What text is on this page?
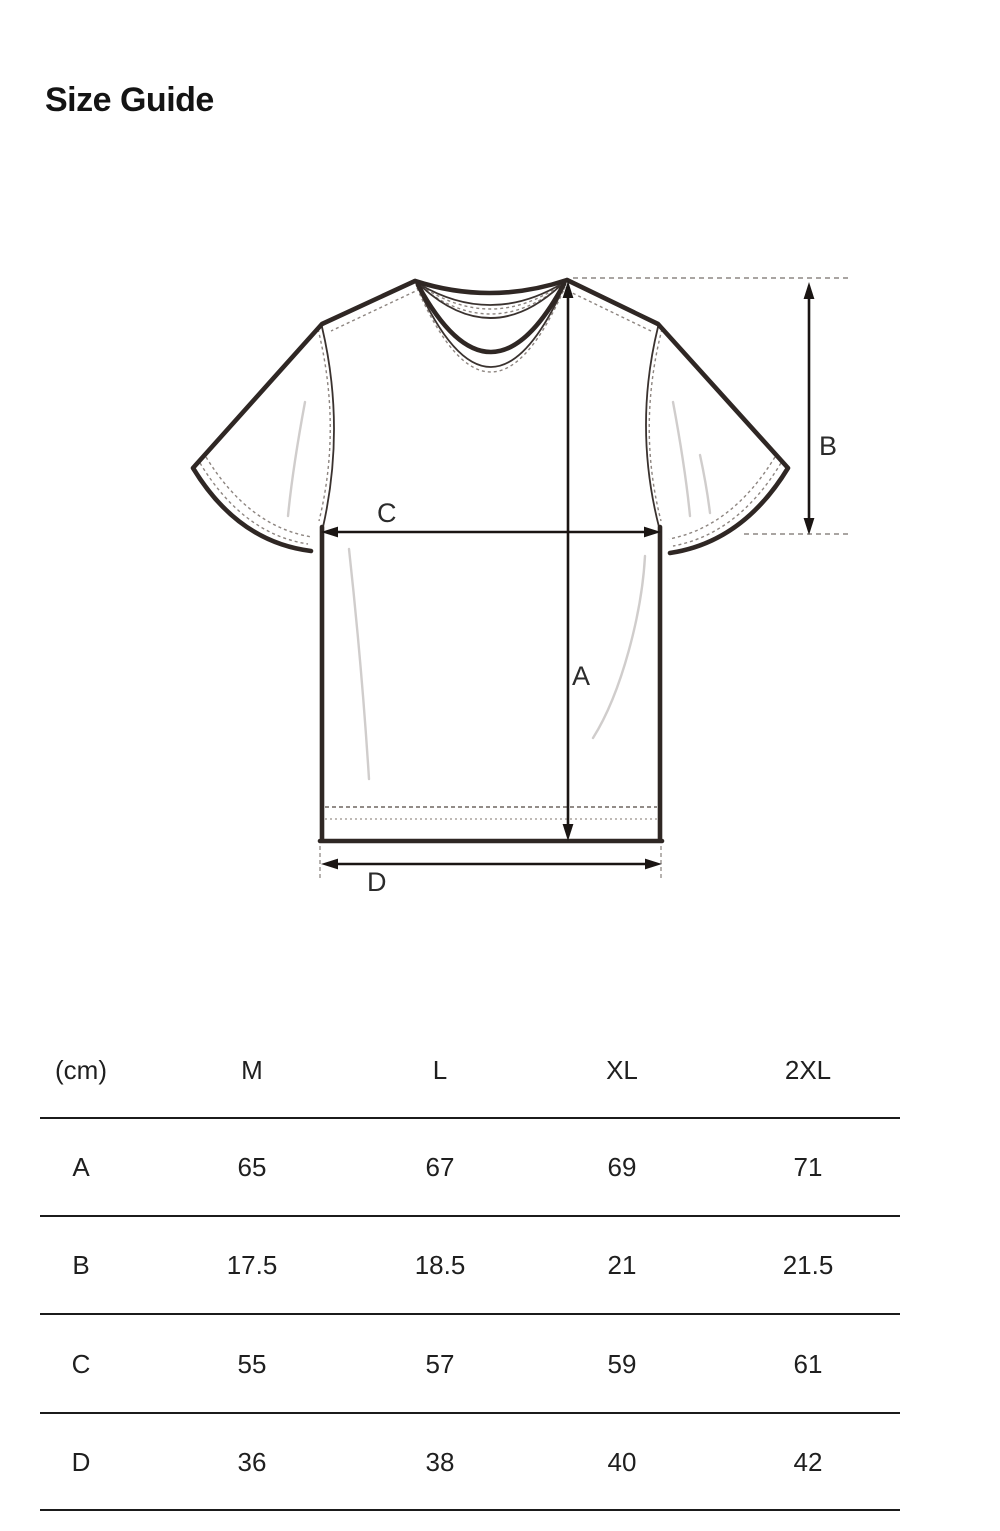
Size Guide
A
B
C
D
(cm)	M	L	XL	2XL
A	65	67	69	71
B	17.5	18.5	21	21.5
C	55	57	59	61
D	36	38	40	42
